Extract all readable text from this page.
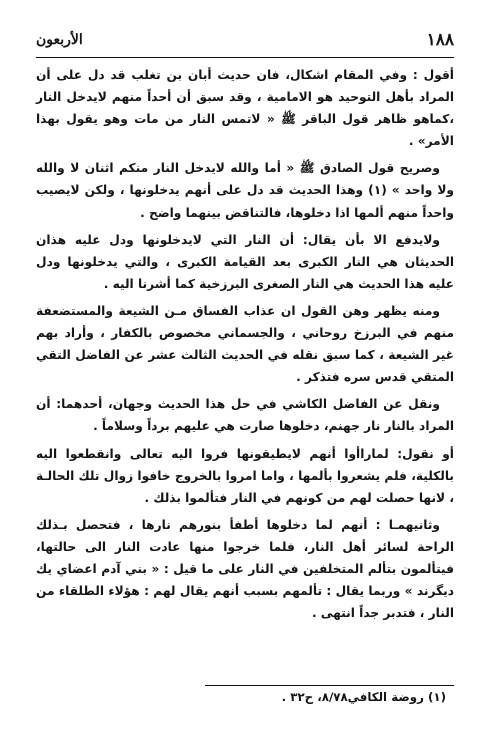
١٨٨
الأربعون

أقول : وفي المقام اشكال، فان حديث أبان بن تغلب قد دل على أن المراد بأهل التوحيد هو الامامية ، وقد سبق أن أحداً منهم لايدخل النار ،كماهو ظاهر قول الباقر ﷺ « لاتمس النار من مات وهو يقول بهذا الأمر» .

وصريح قول الصادق ﷺ « أما والله لايدخل النار منكم اثنان لا والله ولا واحد » (١) وهذا الحديث قد دل على أنهم يدخلونها ، ولكن لايصيب واحداً منهم ألمها اذا دخلوها، فالتناقض بينهما واضح .

ولايدفع الا بأن يقال: أن النار التي لايدخلونها ودل عليه هذان الحديثان هي النار الكبرى بعد القيامة الكبرى ، والتي يدخلونها ودل عليه هذا الحديث هي النار الصغرى البرزخية كما أشرنا اليه .

ومنه يظهر وهن القول ان عذاب الفساق مـن الشيعة والمستضعفة منهم في البرزخ روحاني ، والجسماني مخصوص بالكفار ، وأراد بهم غير الشيعة ، كما سبق نقله في الحديث الثالث عشر عن الفاضل التقي المتقي قدس سره فتذكر .

ونقل عن الفاضل الكاشي في حل هذا الحديث وجهان، أحدهما: أن المراد بالنار نار جهنم، دخلوها صارت هي عليهم برداً وسلاماً .

أو نقول: لماراأوا أنهم لايطيقونها فروا اليه تعالى وانقطعوا اليه بالكلية، فلم يشعروا بألمها ، واما امروا بالخروج خافوا زوال تلك الحالـة ، لانها حصلت لهم من كونهم في النار فتألموا بذلك .

وثانيهمـا : أنهم لما دخلوها أطفأ بنورهم نارها ، فتحصل بـذلك الراحة لسائر أهل النار، فلما خرجوا منها عادت النار الى حالتها، فيتألمون بتألم المتخلفين في النار على ما قيل : « بني آدم اعضاي يك ديگرند » وربما يقال : تألمهم بسبب أنهم يقال لهم : هؤلاء الطلقاء من النار ، فتدبر جداً انتهى .

(١) روضة الكافي٨/٧٨، ح٣٢ .
